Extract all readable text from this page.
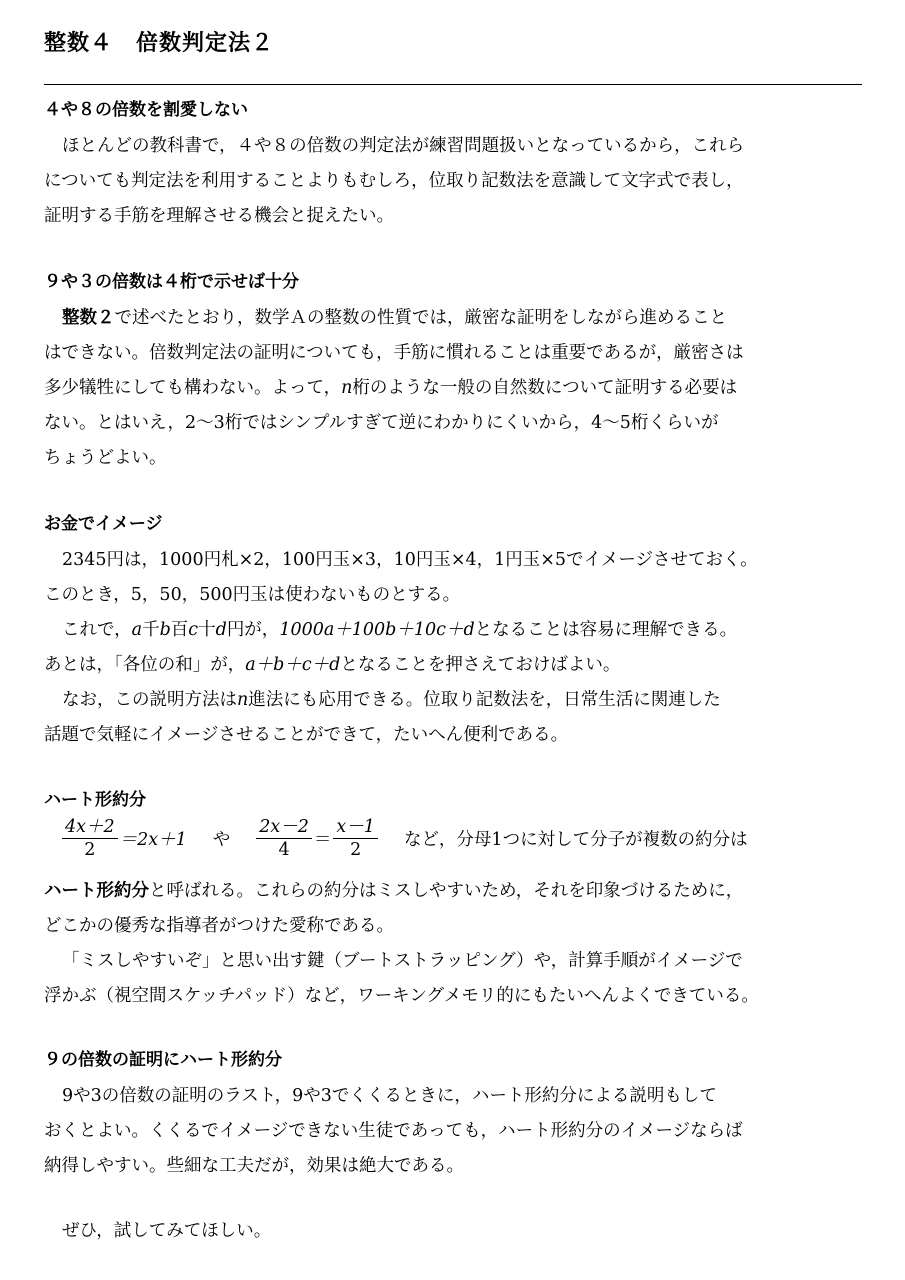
整数４　倍数判定法２
４や８の倍数を割愛しない
ほとんどの教科書で，４や８の倍数の判定法が練習問題扱いとなっているから，これら
についても判定法を利用することよりもむしろ，位取り記数法を意識して文字式で表し，
証明する手筋を理解させる機会と捉えたい。
９や３の倍数は４桁で示せば十分
整数２で述べたとおり，数学Ａの整数の性質では，厳密な証明をしながら進めること
はできない。倍数判定法の証明についても，手筋に慣れることは重要であるが，厳密さは
多少犠牲にしても構わない。よって，n桁のような一般の自然数について証明する必要は
ない。とはいえ，2～3桁ではシンプルすぎて逆にわかりにくいから，4～5桁くらいが
ちょうどよい。
お金でイメージ
2345円は，1000円札×2，100円玉×3，10円玉×4，1円玉×5でイメージさせておく。
このとき，5，50，500円玉は使わないものとする。
これで，a千b百c十d円が，1000a＋100b＋10c＋dとなることは容易に理解できる。
あとは，「各位の和」が，a＋b＋c＋dとなることを押さえておけばよい。
なお，この説明方法はn進法にも応用できる。位取り記数法を，日常生活に関連した
話題で気軽にイメージさせることができて，たいへん便利である。
ハート形約分
$\frac{4x+2}{2} =2x+1$ や $\frac{2x-2}{4} = \frac{x-1}{2}$ など，分母1つに対して分子が複数の約分は
ハート形約分と呼ばれる。これらの約分はミスしやすいため，それを印象づけるために，
どこかの優秀な指導者がつけた愛称である。
「ミスしやすいぞ」と思い出す鍵（ブートストラッピング）や，計算手順がイメージで
浮かぶ（視空間スケッチパッド）など，ワーキングメモリ的にもたいへんよくできている。
９の倍数の証明にハート形約分
9や3の倍数の証明のラスト，9や3でくくるときに，ハート形約分による説明もして
おくとよい。くくるでイメージできない生徒であっても，ハート形約分のイメージならば
納得しやすい。些細な工夫だが，効果は絶大である。
ぜひ，試してみてほしい。
